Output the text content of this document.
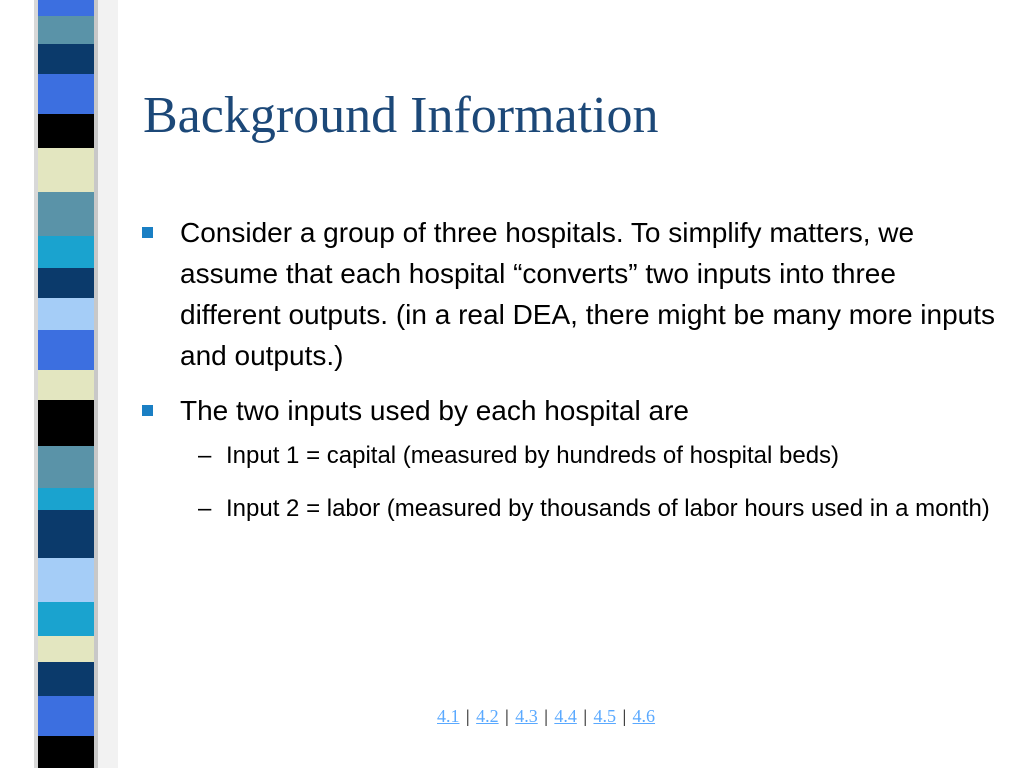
Background Information
Consider a group of three hospitals. To simplify matters, we assume that each hospital “converts” two inputs into three different outputs. (in a real DEA, there might be many more inputs and outputs.)
The two inputs used by each hospital are
– Input 1 = capital (measured by hundreds of hospital beds)
– Input 2 = labor (measured by thousands of labor hours used in a month)
4.1 | 4.2 | 4.3 | 4.4 | 4.5 | 4.6
